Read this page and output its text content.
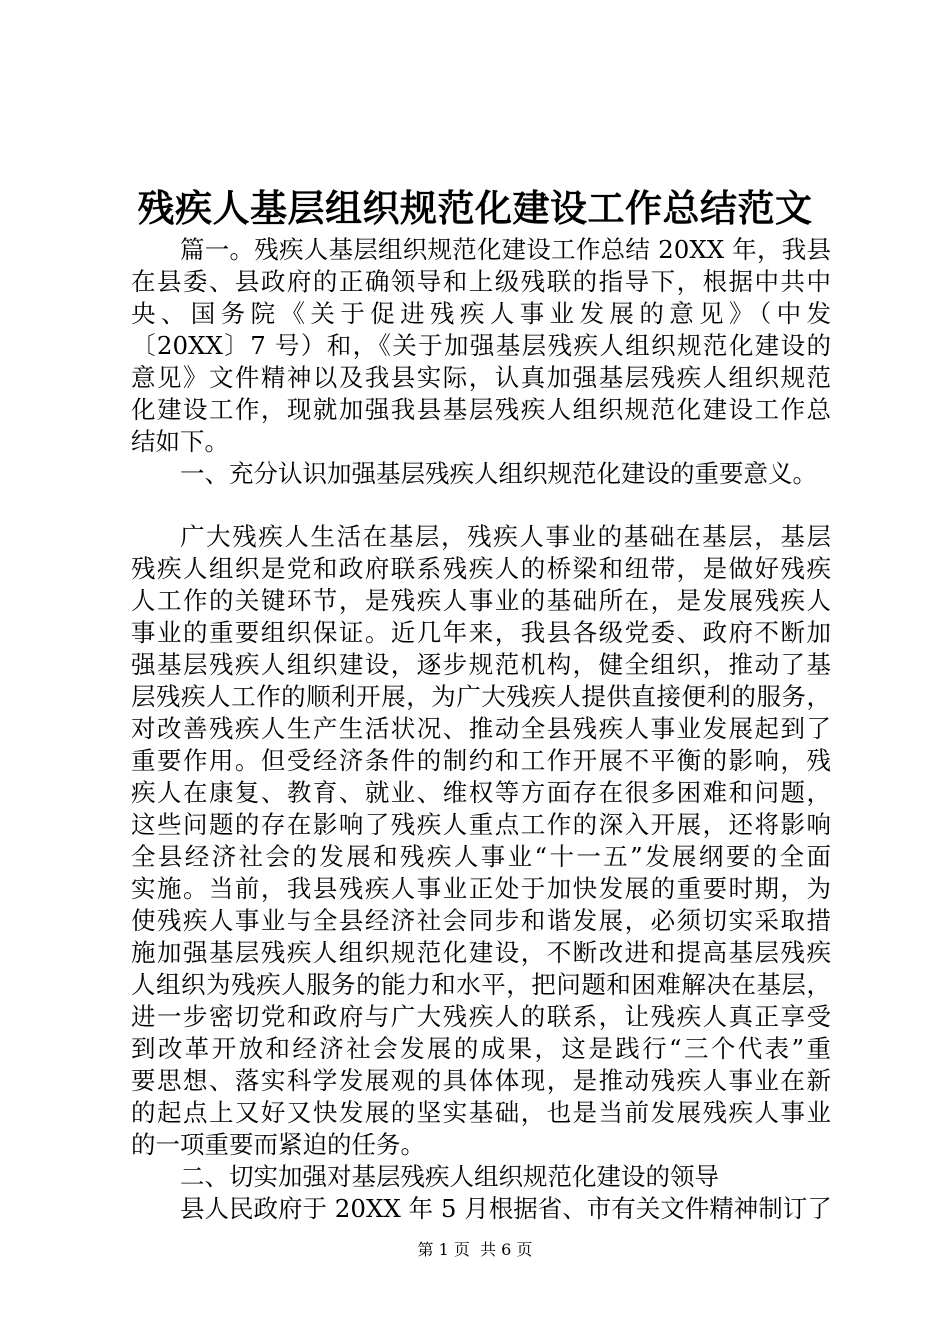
残疾人基层组织规范化建设工作总结范文
篇一。残疾人基层组织规范化建设工作总结 20XX 年，我县
在县委、县政府的正确领导和上级残联的指导下，根据中共中
央、国务院《关于促进残疾人事业发展的意见》（中发
〔20XX〕7 号）和，《关于加强基层残疾人组织规范化建设的
意见》文件精神以及我县实际，认真加强基层残疾人组织规范
化建设工作，现就加强我县基层残疾人组织规范化建设工作总
结如下。
一、充分认识加强基层残疾人组织规范化建设的重要意义。
广大残疾人生活在基层，残疾人事业的基础在基层，基层
残疾人组织是党和政府联系残疾人的桥梁和纽带，是做好残疾
人工作的关键环节，是残疾人事业的基础所在，是发展残疾人
事业的重要组织保证。近几年来，我县各级党委、政府不断加
强基层残疾人组织建设，逐步规范机构，健全组织，推动了基
层残疾人工作的顺利开展，为广大残疾人提供直接便利的服务，
对改善残疾人生产生活状况、推动全县残疾人事业发展起到了
重要作用。但受经济条件的制约和工作开展不平衡的影响，残
疾人在康复、教育、就业、维权等方面存在很多困难和问题，
这些问题的存在影响了残疾人重点工作的深入开展，还将影响
全县经济社会的发展和残疾人事业“十一五”发展纲要的全面
实施。当前，我县残疾人事业正处于加快发展的重要时期，为
使残疾人事业与全县经济社会同步和谐发展，必须切实采取措
施加强基层残疾人组织规范化建设，不断改进和提高基层残疾
人组织为残疾人服务的能力和水平，把问题和困难解决在基层，
进一步密切党和政府与广大残疾人的联系，让残疾人真正享受
到改革开放和经济社会发展的成果，这是践行“三个代表”重
要思想、落实科学发展观的具体体现，是推动残疾人事业在新
的起点上又好又快发展的坚实基础，也是当前发展残疾人事业
的一项重要而紧迫的任务。
二、切实加强对基层残疾人组织规范化建设的领导
县人民政府于 20XX 年 5 月根据省、市有关文件精神制订了
第 1 页  共 6 页
